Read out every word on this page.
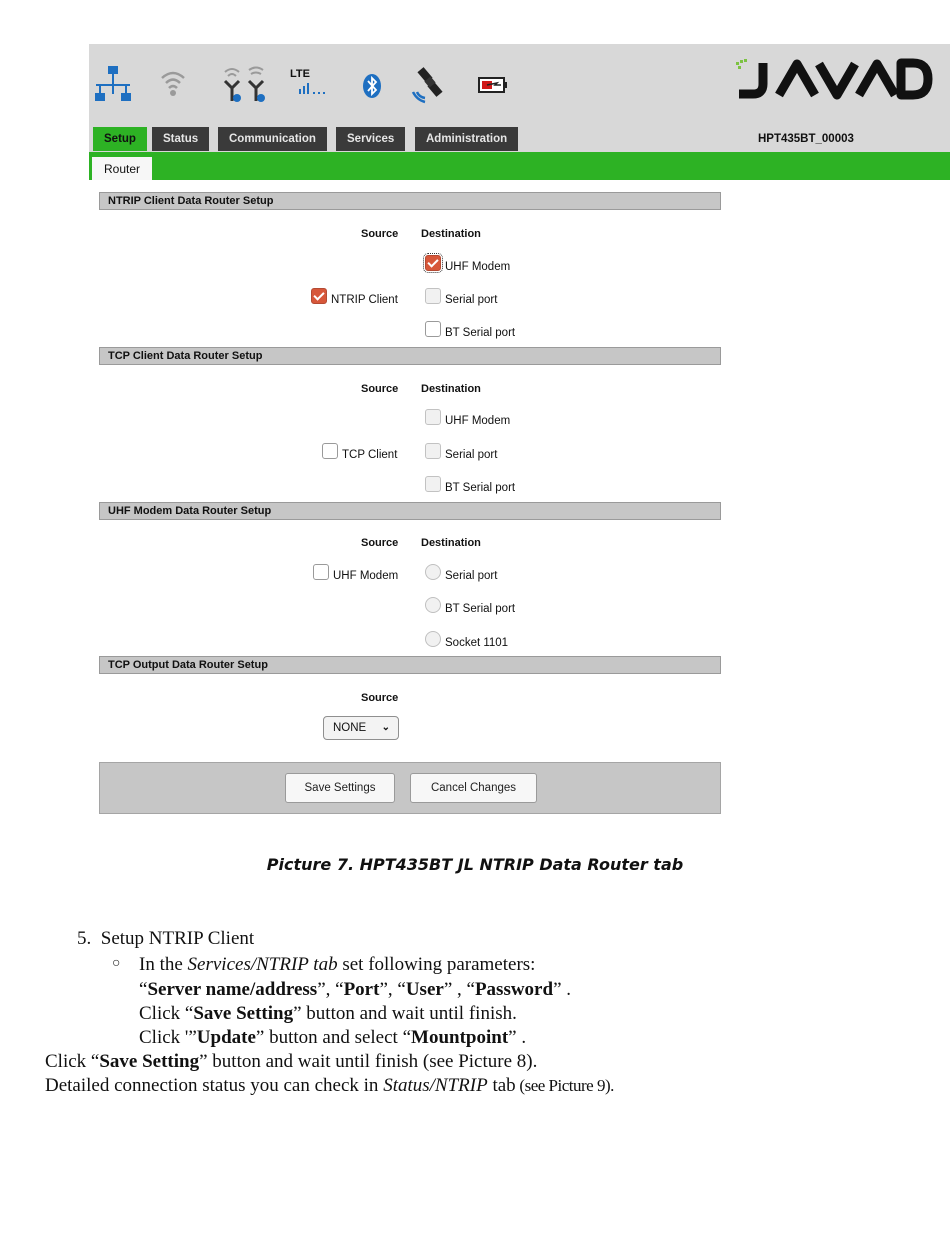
LTE
Setup	Status	Communication	Services	Administration	HPT435BT_00003
Router
NTRIP Client Data Router Setup
Source Destination
UHF Modem
NTRIP Client	Serial port
BT Serial port
TCP Client Data Router Setup
Source Destination
UHF Modem
TCP Client	Serial port
BT Serial port
UHF Modem Data Router Setup
Source Destination
UHF Modem	Serial port
BT Serial port
Socket 1101
TCP Output Data Router Setup
Source
NONE ⌄
Save Settings	Cancel Changes
Picture 7. HPT435BT JL NTRIP Data Router tab
5. Setup NTRIP Client
○ In the Services/NTRIP tab set following parameters:
“Server name/address”, “Port”, “User” , “Password” .
Click “Save Setting” button and wait until finish.
Click '”Update” button and select “Mountpoint” .
Click “Save Setting” button and wait until finish (see Picture 8).
Detailed connection status you can check in Status/NTRIP tab (see Picture 9).
